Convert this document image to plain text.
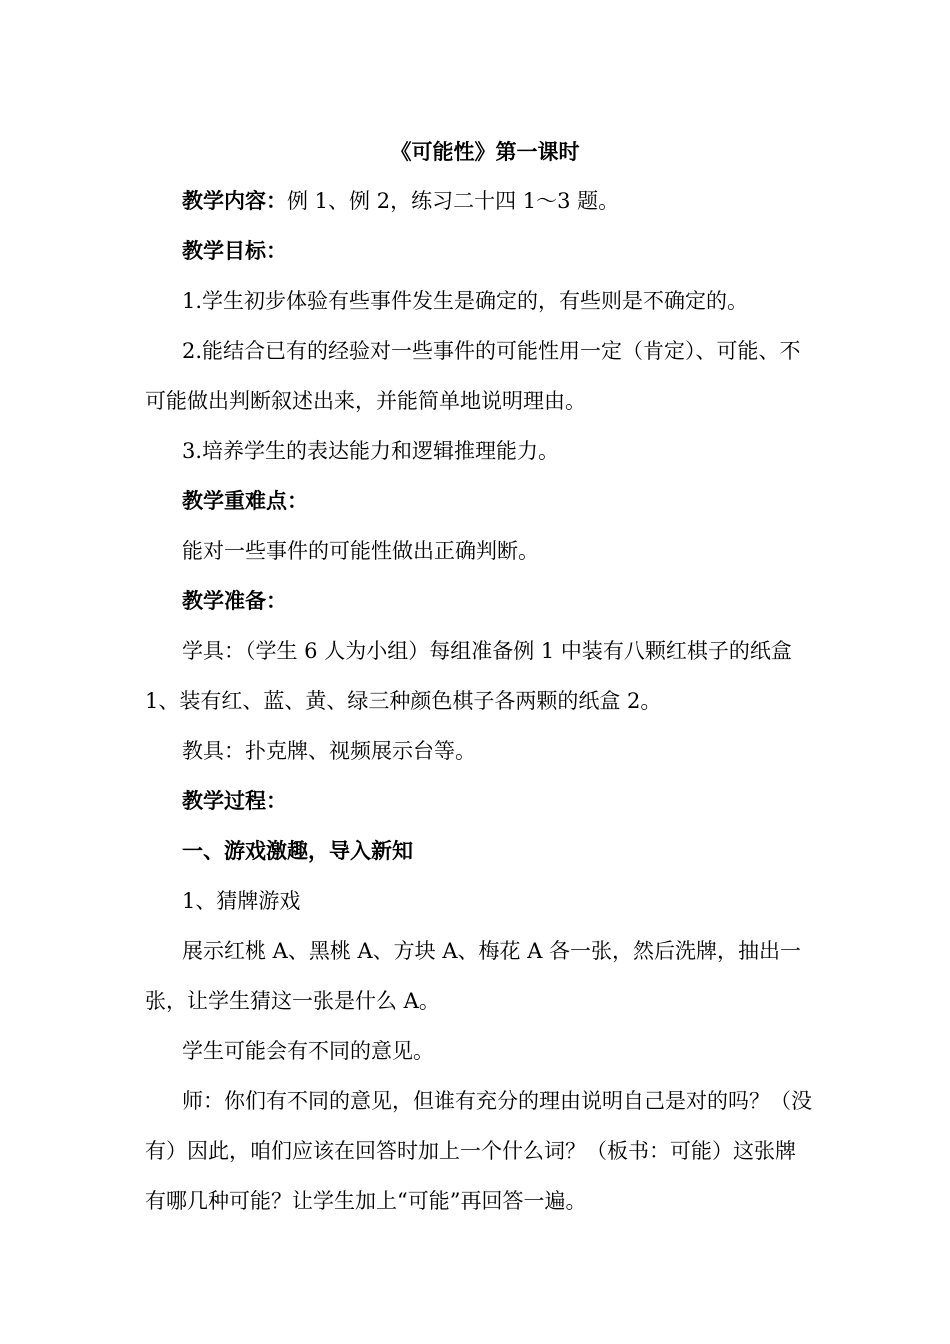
《可能性》第一课时
教学内容：例 1、例 2，练习二十四 1～3 题。
教学目标：
1.学生初步体验有些事件发生是确定的，有些则是不确定的。
2.能结合已有的经验对一些事件的可能性用一定（肯定）、可能、不可能做出判断叙述出来，并能简单地说明理由。
3.培养学生的表达能力和逻辑推理能力。
教学重难点：
能对一些事件的可能性做出正确判断。
教学准备：
学具：（学生 6 人为小组）每组准备例 1 中装有八颗红棋子的纸盒 1、装有红、蓝、黄、绿三种颜色棋子各两颗的纸盒 2。
教具：扑克牌、视频展示台等。
教学过程：
一、游戏激趣，导入新知
1、猜牌游戏
展示红桃 A、黑桃 A、方块 A、梅花 A 各一张，然后洗牌，抽出一张，让学生猜这一张是什么 A。
学生可能会有不同的意见。
师：你们有不同的意见，但谁有充分的理由说明自己是对的吗？（没有）因此，咱们应该在回答时加上一个什么词？（板书：可能）这张牌有哪几种可能？让学生加上“可能”再回答一遍。
